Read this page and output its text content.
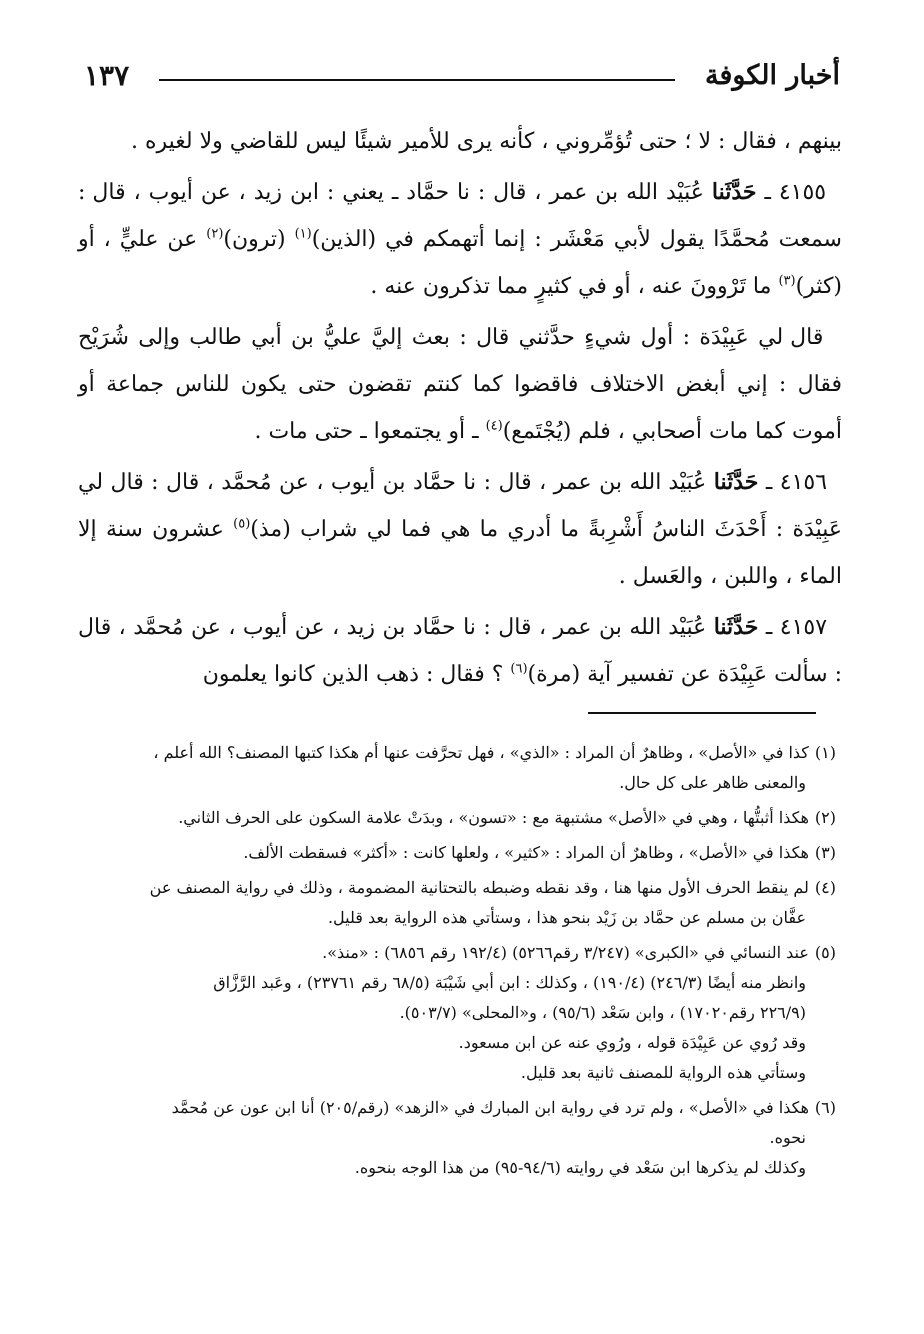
أخبار الكوفة
١٣٧

بينهم ، فقال : لا ؛ حتى تُؤمِّروني ، كأنه يرى للأمير شيئًا ليس للقاضي ولا لغيره .

٤١٥٥ ـ حَدَّثَنا عُبَيْد الله بن عمر ، قال : نا حمَّاد ـ يعني : ابن زيد ، عن أيوب ، قال : سمعت مُحمَّدًا يقول لأبي مَعْشَر : إنما أتهمكم في (الذين)$^{(١)}$ (ترون)$^{(٢)}$ عن عليٍّ ، أو (كثر)$^{(٣)}$ ما تَرْوونَ عنه ، أو في كثيرٍ مما تذكرون عنه .

قال لي عَبِيْدَة : أول شيءٍ حدَّثني قال : بعث إليَّ عليُّ بن أبي طالب وإلى شُرَيْح فقال : إني أبغض الاختلاف فاقضوا كما كنتم تقضون حتى يكون للناس جماعة أو أموت كما مات أصحابي ، فلم (يُجْتَمع)$^{(٤)}$ ـ أو يجتمعوا ـ حتى مات .

٤١٥٦ ـ حَدَّثَنا عُبَيْد الله بن عمر ، قال : نا حمَّاد بن أيوب ، عن مُحمَّد ، قال : قال لي عَبِيْدَة : أَحْدَثَ الناسُ أَشْرِبةً ما أدري ما هي فما لي شراب (مذ)$^{(٥)}$ عشرون سنة إلا الماء ، واللبن ، والعَسل .

٤١٥٧ ـ حَدَّثَنا عُبَيْد الله بن عمر ، قال : نا حمَّاد بن زيد ، عن أيوب ، عن مُحمَّد ، قال : سألت عَبِيْدَة عن تفسير آية (مرة)$^{(٦)}$ ؟ فقال : ذهب الذين كانوا يعلمون

(١)كذا في «الأصل» ، وظاهرٌ أن المراد : «الذي» ، فهل تحرَّفت عنها أم هكذا كتبها المصنف؟ الله أعلم ،
والمعنى ظاهر على كل حال.
(٢)هكذا أثبتُّها ، وهي في «الأصل» مشتبهة مع : «تسون» ، وبدَتْ علامة السكون على الحرف الثاني.
(٣)هكذا في «الأصل» ، وظاهرٌ أن المراد : «كثير» ، ولعلها كانت : «أكثر» فسقطت الألف.
(٤)لم ينقط الحرف الأول منها هنا ، وقد نقطه وضبطه بالتحتانية المضمومة ، وذلك في رواية المصنف عن
عفَّان بن مسلم عن حمَّاد بن زَيْد بنحو هذا ، وستأتي هذه الرواية بعد قليل.
(٥)عند النسائي في «الكبرى» (٣/٢٤٧ رقم٥٢٦٦) (١٩٢/٤ رقم ٦٨٥٦) : «منذ».
وانظر منه أيضًا (٢٤٦/٣) (١٩٠/٤) ، وكذلك : ابن أبي شَيْبَة (٦٨/٥ رقم ٢٣٧٦١) ، وعَبد الرَّزَّاق
(٢٢٦/٩ رقم١٧٠٢٠) ، وابن سَعْد (٩٥/٦) ، و«المحلى» (٥٠٣/٧).
وقد رُوي عن عَبِيْدَة قوله ، ورُوي عنه عن ابن مسعود.
وستأتي هذه الرواية للمصنف ثانية بعد قليل.
(٦)هكذا في «الأصل» ، ولم ترد في رواية ابن المبارك في «الزهد» (رقم/٢٠٥) أنا ابن عون عن مُحمَّد
نحوه.
وكذلك لم يذكرها ابن سَعْد في روايته (٩٤/٦-٩٥) من هذا الوجه بنحوه.
